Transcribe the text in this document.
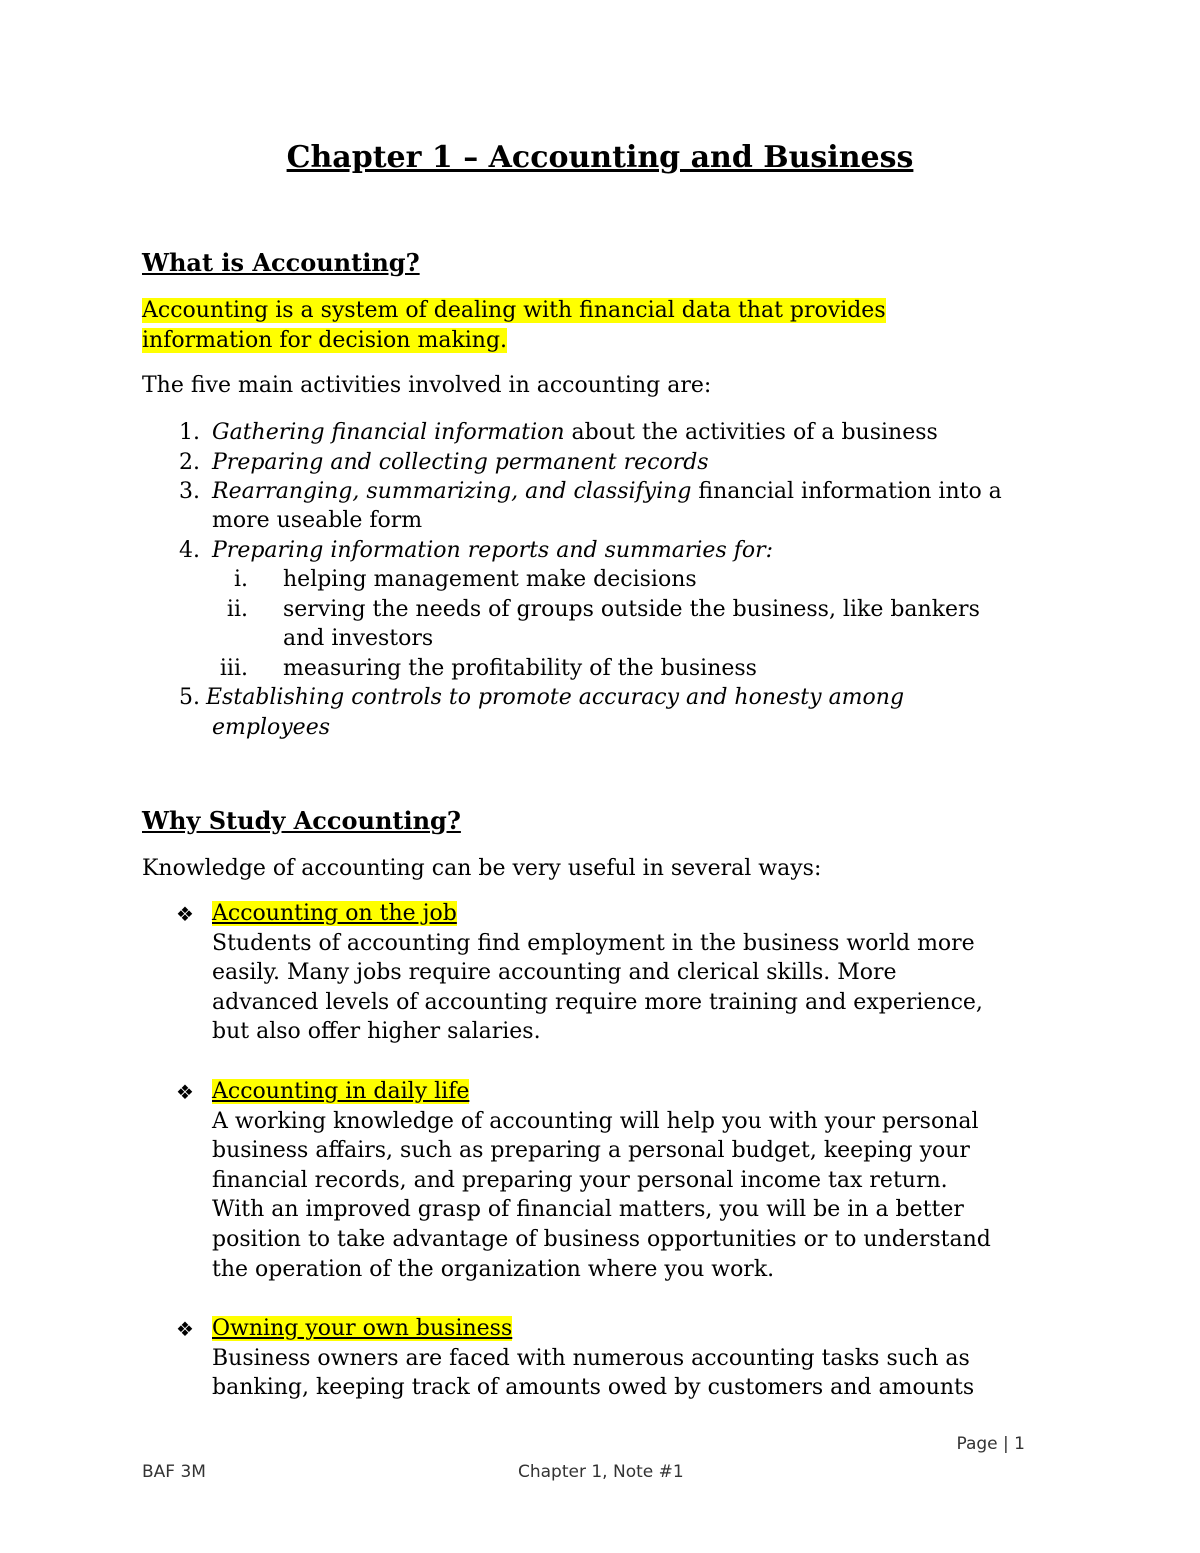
Chapter 1 – Accounting and Business
What is Accounting?
Accounting is a system of dealing with financial data that provides
information for decision making.
The five main activities involved in accounting are:
1. Gathering financial information about the activities of a business
2. Preparing and collecting permanent records
3. Rearranging, summarizing, and classifying financial information into a
more useable form
4. Preparing information reports and summaries for:
i. helping management make decisions
ii. serving the needs of groups outside the business, like bankers
and investors
iii. measuring the profitability of the business
5. Establishing controls to promote accuracy and honesty among
employees
Why Study Accounting?
Knowledge of accounting can be very useful in several ways:
❖ Accounting on the job
Students of accounting find employment in the business world more
easily. Many jobs require accounting and clerical skills. More
advanced levels of accounting require more training and experience,
but also offer higher salaries.
❖ Accounting in daily life
A working knowledge of accounting will help you with your personal
business affairs, such as preparing a personal budget, keeping your
financial records, and preparing your personal income tax return.
With an improved grasp of financial matters, you will be in a better
position to take advantage of business opportunities or to understand
the operation of the organization where you work.
❖ Owning your own business
Business owners are faced with numerous accounting tasks such as
banking, keeping track of amounts owed by customers and amounts
Page | 1
BAF 3M	Chapter 1, Note #1
